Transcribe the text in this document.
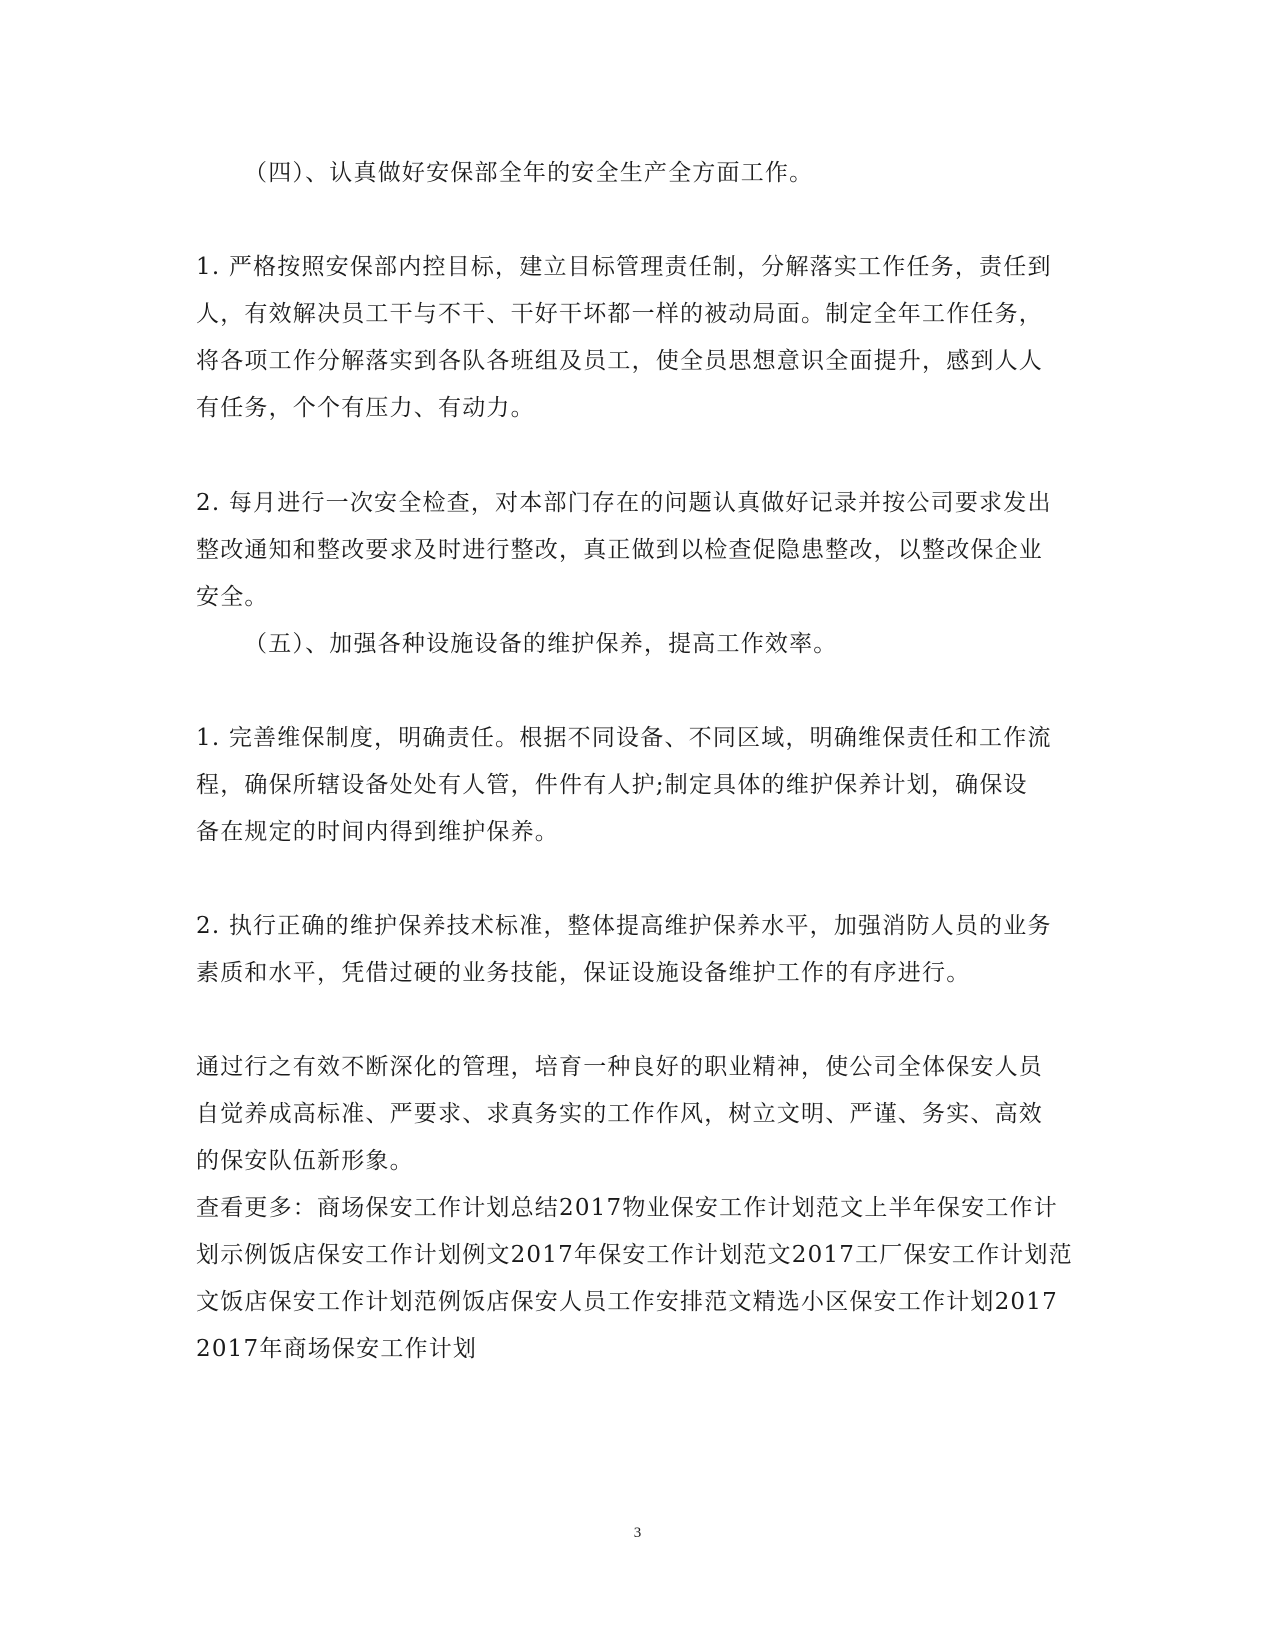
（四）、认真做好安保部全年的安全生产全方面工作。
1. 严格按照安保部内控目标，建立目标管理责任制，分解落实工作任务，责任到
人，有效解决员工干与不干、干好干坏都一样的被动局面。制定全年工作任务，
将各项工作分解落实到各队各班组及员工，使全员思想意识全面提升，感到人人
有任务，个个有压力、有动力。
2. 每月进行一次安全检查，对本部门存在的问题认真做好记录并按公司要求发出
整改通知和整改要求及时进行整改，真正做到以检查促隐患整改，以整改保企业
安全。
（五）、加强各种设施设备的维护保养，提高工作效率。
1. 完善维保制度，明确责任。根据不同设备、不同区域，明确维保责任和工作流
程，确保所辖设备处处有人管，件件有人护;制定具体的维护保养计划，确保设
备在规定的时间内得到维护保养。
2. 执行正确的维护保养技术标准，整体提高维护保养水平，加强消防人员的业务
素质和水平，凭借过硬的业务技能，保证设施设备维护工作的有序进行。
通过行之有效不断深化的管理，培育一种良好的职业精神，使公司全体保安人员
自觉养成高标准、严要求、求真务实的工作作风，树立文明、严谨、务实、高效
的保安队伍新形象。
查看更多：商场保安工作计划总结2017物业保安工作计划范文上半年保安工作计
划示例饭店保安工作计划例文2017年保安工作计划范文2017工厂保安工作计划范
文饭店保安工作计划范例饭店保安人员工作安排范文精选小区保安工作计划2017
2017年商场保安工作计划
3
